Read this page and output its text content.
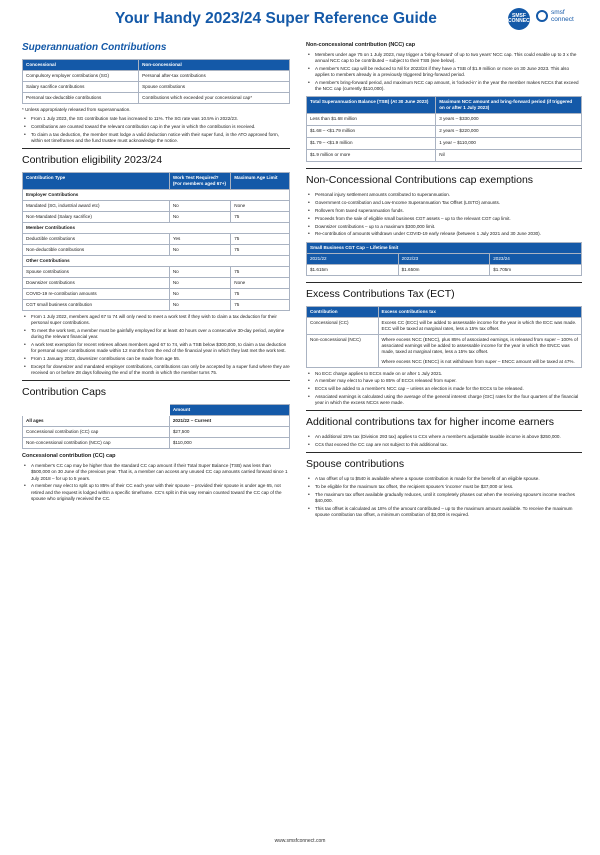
Your Handy 2023/24 Super Reference Guide	SMSF CONNECT
smsf
connect
Superannuation Contributions
Concessional	Non-concessional
Compulsory employer contributions (SG)	Personal after-tax contributions
Salary sacrifice contributions	Spouse contributions
Personal tax-deductible contributions	Contributions which exceeded your concessional cap*
* Unless appropriately released from superannuation.
• From 1 July 2023, the SG contribution rate has increased to 11%. The SG rate was 10.5% in 2022/23.
• Contributions are counted toward the relevant contribution cap in the year in which the contribution is received.
• To claim a tax deduction, the member must lodge a valid deduction notice with their super fund, in the ATO approved form, within set timeframes and the fund trustee must acknowledge the notice.
Contribution eligibility 2023/24
Contribution Type	Work Test Required? (For members aged 67+)	Maximum Age Limit
Employer Contributions		
Mandated (SG, industrial award etc)	No	None
Non-Mandated (Salary sacrifice)	No	75
Member Contributions		
Deductible contributions	Yes	75
Non-deductible contributions	No	75
Other Contributions		
Spouse contributions	No	75
Downsizer contributions	No	None
COVID-19 re-contribution amounts	No	75
CGT small business contribution	No	75
• From 1 July 2022, members aged 67 to 74 will only need to meet a work test if they wish to claim a tax deduction for their personal super contributions.
• To meet the work test, a member must be gainfully employed for at least 40 hours over a consecutive 30-day period, anytime during the relevant financial year.
• A work test exemption for recent retirees allows members aged 67 to 74, with a TSB below $300,000, to claim a tax deduction for personal super contributions made within 12 months from the end of the financial year in which they last met the work test.
• From 1 January 2023, downsizer contributions can be made from age 55.
• Except for downsizer and mandated employer contributions, contributions can only be accepted by a super fund where they are received on or before 28 days following the end of the month in which the member turns 75.
Contribution Caps
	Amount
All ages	2021/22 – Current
Concessional contribution (CC) cap	$27,500
Non-concessional contribution (NCC) cap	$110,000
Concessional contribution (CC) cap
• A member's CC cap may be higher than the standard CC cap amount if their Total Super Balance (TSB) was less than $500,000 on 30 June of the previous year. That is, a member can access any unused CC cap amounts carried forward since 1 July 2018 – for up to 5 years.
• A member may elect to split up to 85% of their CC each year with their spouse – provided their spouse is under age 65, not retired and the request is lodged within a specific timeframe. CC's split in this way remain counted toward the CC cap of the spouse who originally received the CC.
Non-concessional contribution (NCC) cap
• Members under age 75 on 1 July 2023, may trigger a 'bring-forward' of up to two years' NCC cap. This could enable up to 3 x the annual NCC cap to be contributed – subject to their TSB (see below).
• A member's NCC cap will be reduced to Nil for 2023/24 if they have a TSB of $1.9 million or more on 30 June 2023. This also applies to members already in a previously triggered bring-forward period.
• A member's bring-forward period, and maximum NCC cap amount, is 'locked-in' in the year the member makes NCCs that exceed the NCC cap (currently $110,000).
Total Superannuation Balance (TSB) (At 30 June 2023)	Maximum NCC amount and bring-forward period (if triggered on or after 1 July 2023)
Less than $1.68 million	3 years – $330,000
$1.68 – <$1.79 million	2 years – $220,000
$1.79 – <$1.9 million	1 year – $110,000
$1.9 million or more	Nil
Non-Concessional Contributions cap exemptions
• Personal injury settlement amounts contributed to superannuation.
• Government co-contribution and Low-Income Superannuation Tax Offset (LISTO) amounts.
• Rollovers from taxed superannuation funds.
• Proceeds from the sale of eligible small business CGT assets – up to the relevant CGT cap limit.
• Downsizer contributions – up to a maximum $300,000 limit.
• Re-contribution of amounts withdrawn under COVID-19 early release (between 1 July 2021 and 30 June 2030).
Small Business CGT Cap – Lifetime limit		
2021/22	2022/23	2023/24
$1.615m	$1.650m	$1.705m
Excess Contributions Tax (ECT)
Contribution	Excess contributions tax
Concessional (CC)	Excess CC (ECC) will be added to assessable income for the year in which the ECC was made. ECC will be taxed at marginal rates, less a 15% tax offset.
Non-concessional (NCC)	Where excess NCC (ENCC), plus 85% of associated earnings, is released from super – 100% of associated earnings will be added to assessable income for the year in which the ENCC was made, taxed at marginal rates, less a 15% tax offset.
Where excess NCC (ENCC) is not withdrawn from super – ENCC amount will be taxed at 47%.
• No ECC charge applies to ECCs made on or after 1 July 2021.
• A member may elect to have up to 85% of ECCs released from super.
• ECCs will be added to a member's NCC cap – unless an election is made for the ECCs to be released.
• Associated earnings is calculated using the average of the general interest charge (GIC) rates for the four quarters of the financial year in which the excess NCCs were made.
Additional contributions tax for higher income earners
• An additional 15% tax (Division 293 tax) applies to CCs where a member's adjustable taxable income is above $250,000.
• CCs that exceed the CC cap are not subject to this additional tax.
Spouse contributions
• A tax offset of up to $540 is available where a spouse contribution is made for the benefit of an eligible spouse.
• To be eligible for the maximum tax offset, the recipient spouse's 'income' must be $37,000 or less.
• The maximum tax offset available gradually reduces, until it completely phases out when the receiving spouse's income reaches $40,000.
• This tax offset is calculated as 18% of the amount contributed – up to the maximum amount available. To receive the maximum spouse contribution tax offset, a minimum contribution of $3,000 is required.
www.smsfconnect.com
